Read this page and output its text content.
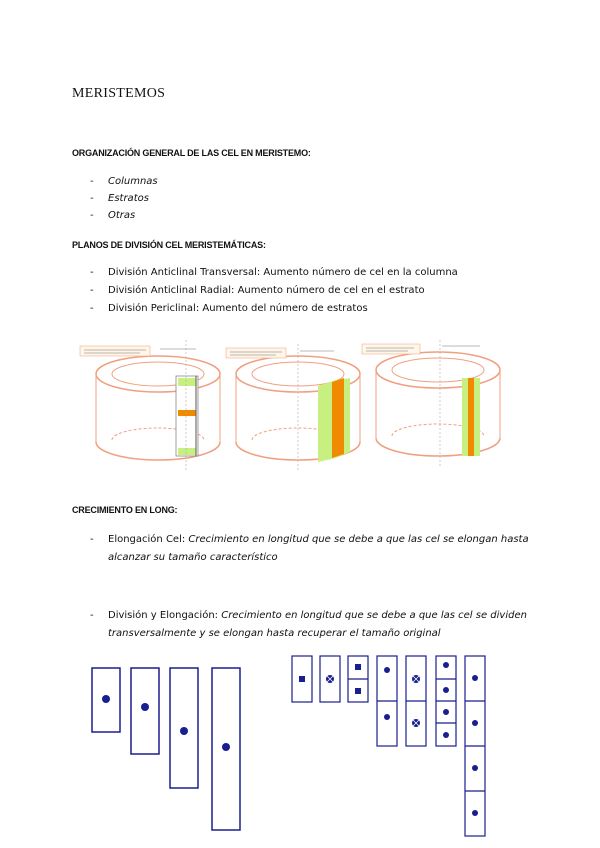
MERISTEMOS
ORGANIZACIÓN GENERAL DE LAS CEL EN MERISTEMO:
- Columnas
- Estratos
- Otras
PLANOS DE DIVISIÓN CEL MERISTEMÁTICAS:
- División Anticlinal Transversal: Aumento número de cel en la columna
- División Anticlinal Radial: Aumento número de cel en el estrato
- División Periclinal: Aumento del número de estratos
CRECIMIENTO EN LONG:
- Elongación Cel: Crecimiento en longitud que se debe a que las cel se elongan hasta
alcanzar su tamaño característico
- División y Elongación: Crecimiento en longitud que se debe a que las cel se dividen
transversalmente y se elongan hasta recuperar el tamaño original
